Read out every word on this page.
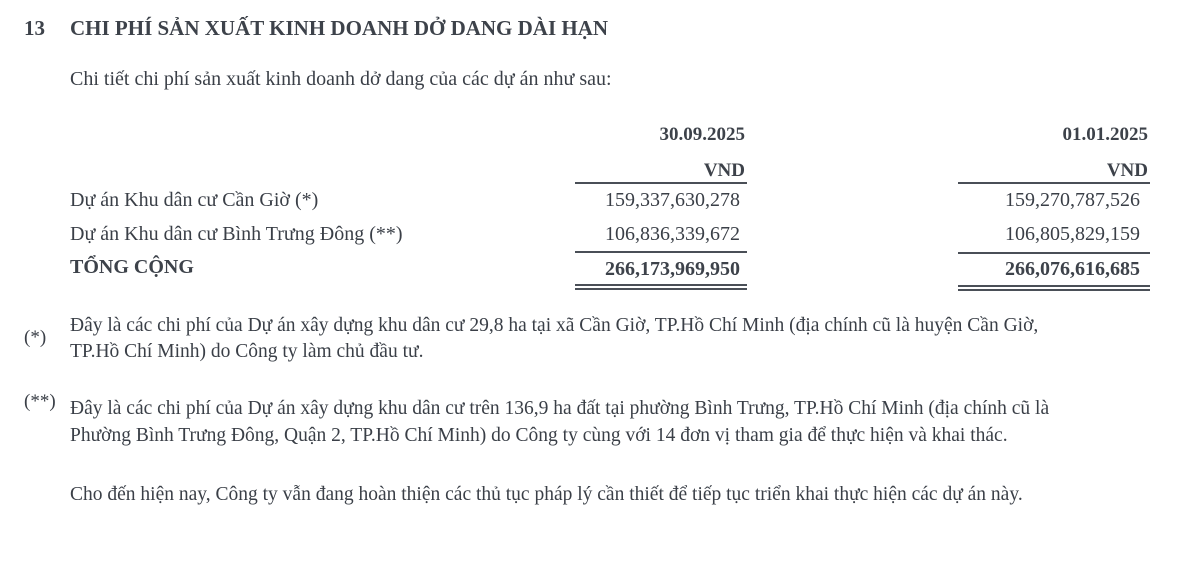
13 CHI PHÍ SẢN XUẤT KINH DOANH DỞ DANG DÀI HẠN
Chi tiết chi phí sản xuất kinh doanh dở dang của các dự án như sau:
30.09.2025	01.01.2025
VND	VND
Dự án Khu dân cư Cần Giờ (*)	159,337,630,278	159,270,787,526
Dự án Khu dân cư Bình Trưng Đông (**)	106,836,339,672	106,805,829,159
TỔNG CỘNG	266,173,969,950	266,076,616,685
(*)
Đây là các chi phí của Dự án xây dựng khu dân cư 29,8 ha tại xã Cần Giờ, TP.Hồ Chí Minh (địa chính cũ là huyện Cần Giờ,
TP.Hồ Chí Minh) do Công ty làm chủ đầu tư.
(**) Đây là các chi phí của Dự án xây dựng khu dân cư trên 136,9 ha đất tại phường Bình Trưng, TP.Hồ Chí Minh (địa chính cũ là
Phường Bình Trưng Đông, Quận 2, TP.Hồ Chí Minh) do Công ty cùng với 14 đơn vị tham gia để thực hiện và khai thác.
Cho đến hiện nay, Công ty vẫn đang hoàn thiện các thủ tục pháp lý cần thiết để tiếp tục triển khai thực hiện các dự án này.
